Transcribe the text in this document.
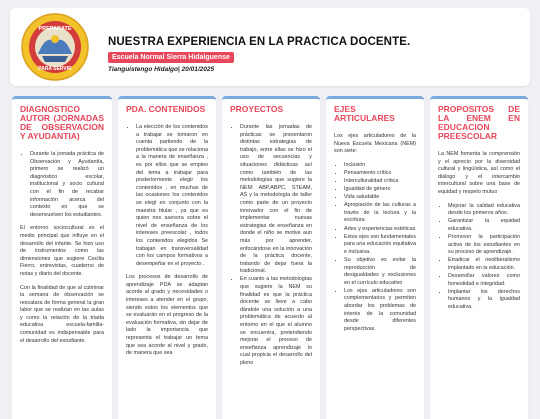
PREPARATE
PARA SERVIR
NUESTRA EXPERIENCIA EN LA PRACTICA DOCENTE.
Escuela Normal Sierra Hidalguense
Tianguistengo Hidalgo| 20/01/2025
DIAGNOSTICO AUTOR (JORNADAS DE OBSERVACION Y AYUDANTIA)
• Durante la jornada práctica de Observación y Ayudantía, primero se realizó un diagnóstico escolar, institucional y socio cultural con el fin de recabar información acerca del contexto en que se desenvuelven los estudiantes.

El entorno sociocultural es el medio principal que influye en el desarrollo del infante. Se hizo uso de instrumentos como las dimensiones que sugiere Cecilia Fierro, entrevistas, cuaderno de notas y diario del docente.

Con la finalidad de que al culminar la semana de observación se rescatara de forma general la gran labor que se realizan en las aulas y como la relación de la triada educativa escuela-familia-comunidad es indispensable para el desarrollo del estudiante.

PDA. CONTENIDOS
• La elección de los contenidos a trabajar se tomaron en cuenta partiendo de la problemática que se relaciona a la manera de enseñanza , es por ellos que se empleo del tema a trabajar para posteriormente elegir los contenidos , en muchas de las ocasiones los contenidos se elegí en conjunto con la maestra titular , ya que es quien nos asesora sobre el nivel de enseñanza de los intereses preescolar , todos los contenidos elegidos Se trabajan en transversalidad con los campos formativos a desempeñar en el proyecto .

Los procesos de desarrollo de aprendizaje PDA se adaptan acorde al grado y necesidades o intereses a atender en el grupo, siendo estos los elementos que se evaluarán en el progreso de la evaluación formativa, sin dejar de lado la importancia que representa el trabajar un tema que sea acorde al nivel y grado, de manera que sea

PROYECTOS
• Durante las jornadas de prácticas se presentaron distintas estrategias de trabajo, entre ellas se hizo el uso de secuencias y situaciones didácticas así como también de las metodologías que sugiere la NEM: ABP,ABPC, STEAM, AS y la metodología de taller como parte de un proyecto innovador con el fin de implementar nuevas estrategias de enseñanza en donde el niño se motive aun más por aprender, enfocándose en la innovación de la práctica docente, tratando de dejar fuera la tradicional.
• En cuanto a las metodologías que sugiere la NEM su finalidad es que la práctica docente se lleve a cabo dándole una solución a una problemática de acuerdo al entorno en el que el alumno se encuentra, pretendiendo mejorar el proceso de enseñanza aprendizaje lo cual propicia el desarrollo del pleno
EJES ARTICULARES

Los ejes articuladores de la Nueva Escuela Mexicana (NEM) son siete:

• Inclusión
• Pensamiento crítico
• Interculturalidad crítica
• Igualdad de género
• Vida saludable
• Apropiación de las culturas a través de la lectura y la escritura
• Artes y experiencias estéticas
• Estos ejes son fundamentales para una educación equitativa e inclusiva.
• Su objetivo es evitar la reproducción de desigualdades y exclusiones en el currículo educativo
• Los ejes articuladores son complementarios y permiten abordar los problemas de interés de la comunidad desde diferentes perspectivas.
PROPOSITOS DE LA ENEM EN EDUCACION PREESCOLAR

La NEM fomenta la comprensión y el aprecio por la diversidad cultural y lingüística, así como el diálogo y el intercambio intercultural sobre una base de equidad y respeto mutuo

• Mejorar la calidad educativa desde los primeros años.
• Garantizar la equidad educativa.
• Promover la participación activa de los estudiantes en su proceso de aprendizaje.
• Erradicar el neoliberalismo implantado en la educación.
• Desarrollar valores como honestidad e integridad.
• Implantar los derechos humanos y la igualdad educativa.
